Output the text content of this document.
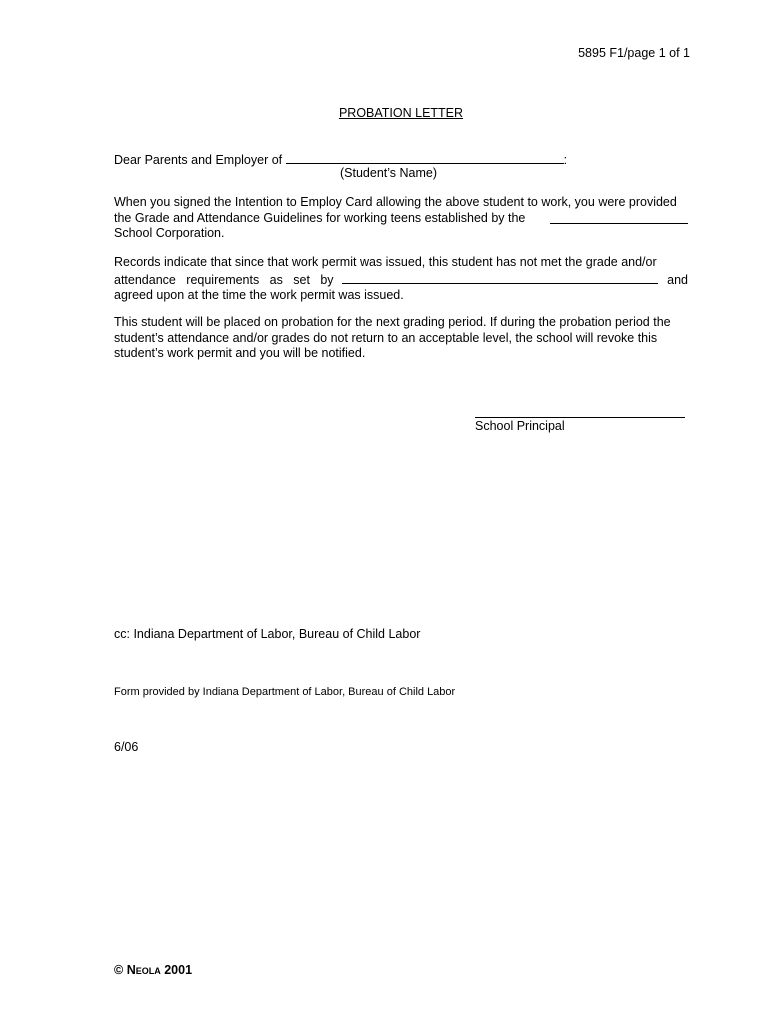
5895 F1/page 1 of 1
PROBATION LETTER
Dear Parents and Employer of	:
(Student’s Name)
When you signed the Intention to Employ Card allowing the above student to work, you were provided
the Grade and Attendance Guidelines for working teens established by the
School Corporation.
Records indicate that since that work permit was issued, this student has not met the grade and/or
attendance   requirements   as   set   by	and
agreed upon at the time the work permit was issued.
This student will be placed on probation for the next grading period. If during the probation period the
student’s attendance and/or grades do not return to an acceptable level, the school will revoke this
student’s work permit and you will be notified.
School Principal
cc: Indiana Department of Labor, Bureau of Child Labor
Form provided by Indiana Department of Labor, Bureau of Child Labor
6/06
© Neola 2001
